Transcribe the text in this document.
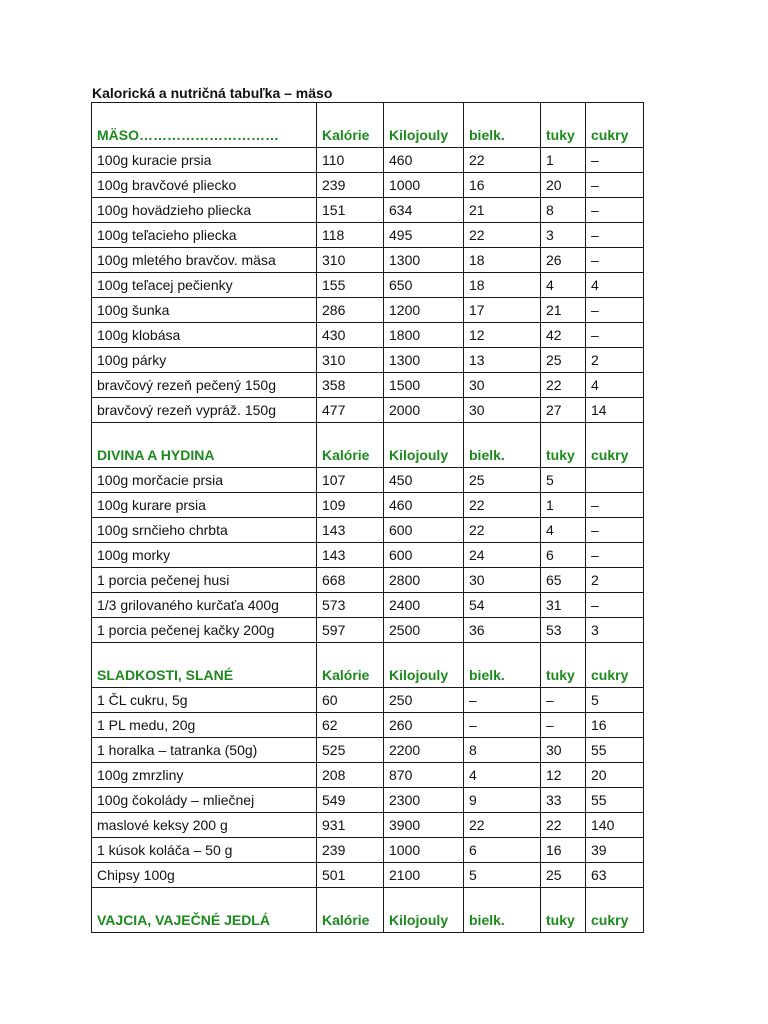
Kalorická a nutričná tabuľka – mäso
MÄSO…………………………	Kalórie	Kilojouly	bielk.	tuky	cukry
100g kuracie prsia	110	460	22	1	–
100g bravčové pliecko	239	1000	16	20	–
100g hovädzieho pliecka	151	634	21	8	–
100g teľacieho pliecka	118	495	22	3	–
100g mletého bravčov. mäsa	310	1300	18	26	–
100g teľacej pečienky	155	650	18	4	4
100g šunka	286	1200	17	21	–
100g klobása	430	1800	12	42	–
100g párky	310	1300	13	25	2
bravčový rezeň pečený 150g	358	1500	30	22	4
bravčový rezeň vypráž. 150g	477	2000	30	27	14
DIVINA A HYDINA	Kalórie	Kilojouly	bielk.	tuky	cukry
100g morčacie prsia	107	450	25	5	
100g kurare prsia	109	460	22	1	–
100g srnčieho chrbta	143	600	22	4	–
100g morky	143	600	24	6	–
1 porcia pečenej husi	668	2800	30	65	2
1/3 grilovaného kurčaťa 400g	573	2400	54	31	–
1 porcia pečenej kačky 200g	597	2500	36	53	3
SLADKOSTI, SLANÉ	Kalórie	Kilojouly	bielk.	tuky	cukry
1 ČL cukru, 5g	60	250	–	–	5
1 PL medu, 20g	62	260	–	–	16
1 horalka – tatranka (50g)	525	2200	8	30	55
100g zmrzliny	208	870	4	12	20
100g čokolády – mliečnej	549	2300	9	33	55
maslové keksy 200 g	931	3900	22	22	140
1 kúsok koláča – 50 g	239	1000	6	16	39
Chipsy 100g	501	2100	5	25	63
VAJCIA, VAJEČNÉ JEDLÁ	Kalórie	Kilojouly	bielk.	tuky	cukry
